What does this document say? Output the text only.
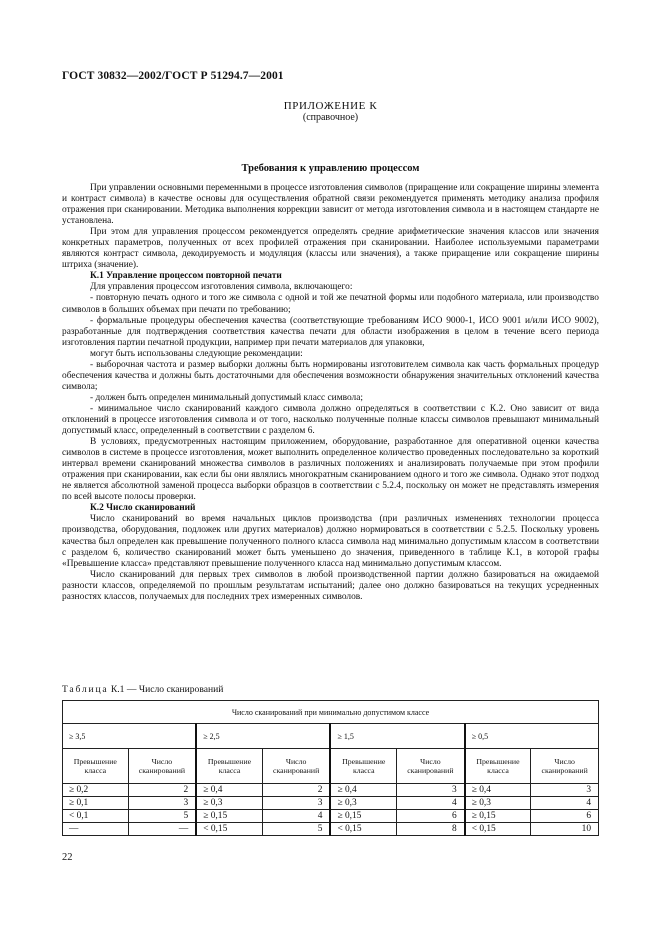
ГОСТ 30832—2002/ГОСТ Р 51294.7—2001
ПРИЛОЖЕНИЕ К
(справочное)
Требования к управлению процессом

При управлении основными переменными в процессе изготовления символов (приращение или сокращение ширины элемента и контраст символа) в качестве основы для осуществления обратной связи рекомендуется применять методику анализа профиля отражения при сканировании. Методика выполнения коррекции зависит от метода изготовления символа и в настоящем стандарте не установлена.

При этом для управления процессом рекомендуется определять средние арифметические значения классов или значения конкретных параметров, полученных от всех профилей отражения при сканировании. Наиболее используемыми параметрами являются контраст символа, декодируемость и модуляция (классы или значения), а также приращение или сокращение ширины штриха (значение).

К.1 Управление процессом повторной печати

Для управления процессом изготовления символа, включающего:

- повторную печать одного и того же символа с одной и той же печатной формы или подобного материала, или производство символов в больших объемах при печати по требованию;

- формальные процедуры обеспечения качества (соответствующие требованиям ИСО 9000-1, ИСО 9001 и/или ИСО 9002), разработанные для подтверждения соответствия качества печати для области изображения в целом в течение всего периода изготовления партии печатной продукции, например при печати материалов для упаковки,

могут быть использованы следующие рекомендации:

- выборочная частота и размер выборки должны быть нормированы изготовителем символа как часть формальных процедур обеспечения качества и должны быть достаточными для обеспечения возможности обнаружения значительных отклонений качества символа;

- должен быть определен минимальный допустимый класс символа;

- минимальное число сканирований каждого символа должно определяться в соответствии с К.2. Оно зависит от вида отклонений в процессе изготовления символа и от того, насколько полученные полные классы символов превышают минимальный допустимый класс, определенный в соответствии с разделом 6.

В условиях, предусмотренных настоящим приложением, оборудование, разработанное для оперативной оценки качества символов в системе в процессе изготовления, может выполнить определенное количество проведенных последовательно за короткий интервал времени сканирований множества символов в различных положениях и анализировать получаемые при этом профили отражения при сканировании, как если бы они являлись многократным сканированием одного и того же символа. Однако этот подход не является абсолютной заменой процесса выборки образцов в соответствии с 5.2.4, поскольку он может не представлять измерения по всей высоте полосы проверки.

К.2 Число сканирований

Число сканирований во время начальных циклов производства (при различных изменениях технологии процесса производства, оборудования, подложек или других материалов) должно нормироваться в соответствии с 5.2.5. Поскольку уровень качества был определен как превышение полученного полного класса символа над минимально допустимым классом в соответствии с разделом 6, количество сканирований может быть уменьшено до значения, приведенного в таблице К.1, в которой графы «Превышение класса» представляют превышение полученного класса над минимально допустимым классом.

Число сканирований для первых трех символов в любой производственной партии должно базироваться на ожидаемой разности классов, определяемой по прошлым результатам испытаний; далее оно должно базироваться на текущих усредненных разностях классов, получаемых для последних трех измеренных символов.

Таблица К.1 — Число сканирований
Число сканирований при минимально допустимом классе							
≥ 3,5		≥ 2,5		≥ 1,5		≥ 0,5	
Превышение класса	Число сканирований	Превышение класса	Число сканирований	Превышение класса	Число сканирований	Превышение класса	Число сканирований
≥ 0,2	2	≥ 0,4	2	≥ 0,4	3	≥ 0,4	3
≥ 0,1	3	≥ 0,3	3	≥ 0,3	4	≥ 0,3	4
< 0,1	5	≥ 0,15	4	≥ 0,15	6	≥ 0,15	6
—	—	< 0,15	5	< 0,15	8	< 0,15	10
22
